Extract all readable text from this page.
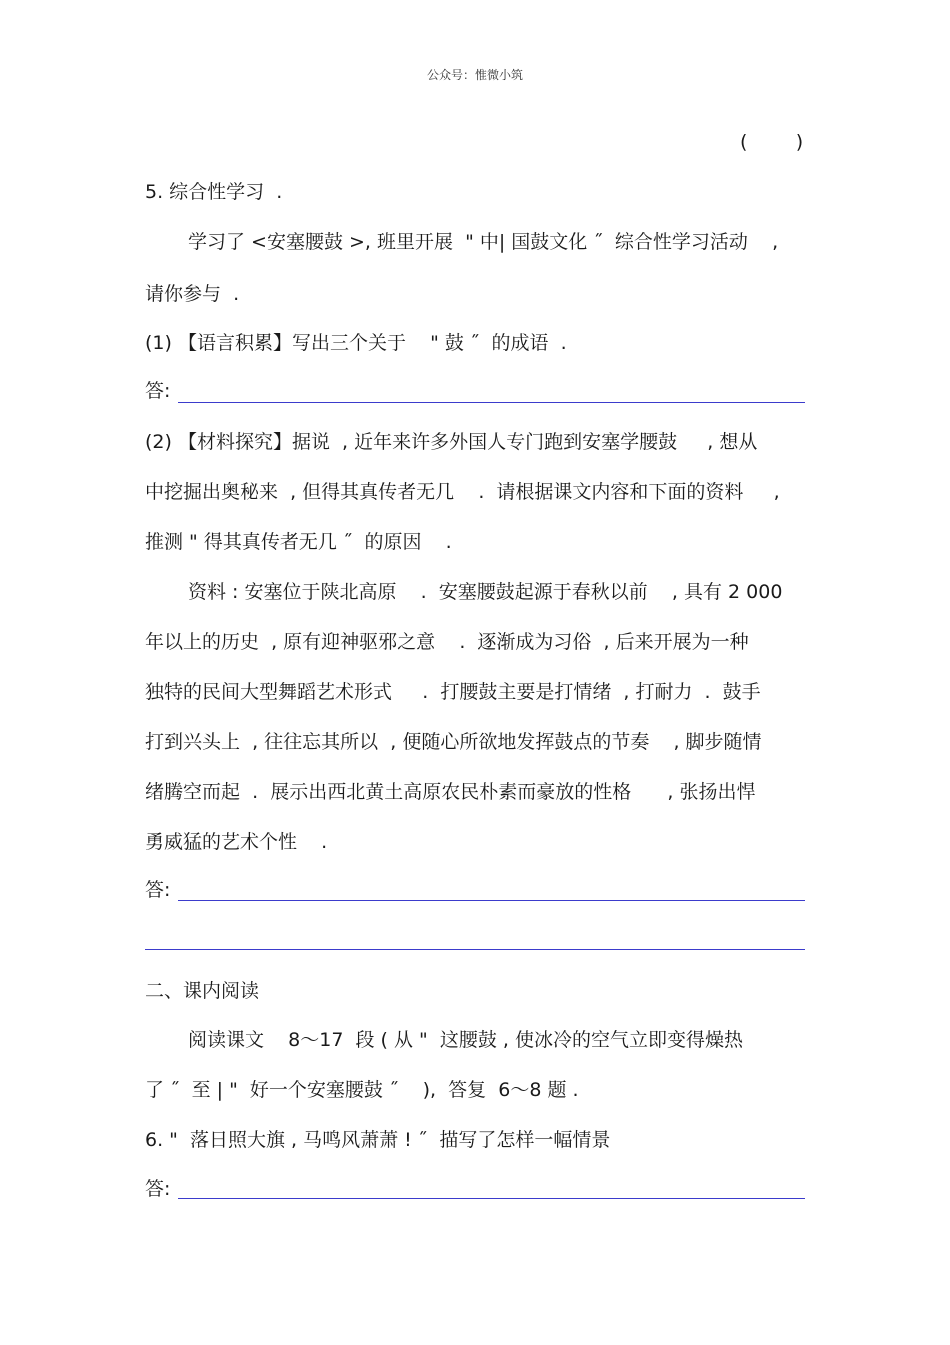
公众号：惟微小筑
(        )
5. 综合性学习  .
学习了 <安塞腰鼓 >, 班里开展  " 中| 国鼓文化 ˝  综合性学习活动    ,
请你参与  .
(1) 【语言积累】写出三个关于    " 鼓 ˝  的成语  .
答:
(2) 【材料探究】据说  , 近年来许多外国人专门跑到安塞学腰鼓     , 想从
中挖掘出奥秘来  , 但得其真传者无几    .  请根据课文内容和下面的资料     ,
推测 " 得其真传者无几 ˝  的原因    .
资料 : 安塞位于陕北高原    .  安塞腰鼓起源于春秋以前    , 具有 2 000
年以上的历史  , 原有迎神驱邪之意    .  逐渐成为习俗  , 后来开展为一种
独特的民间大型舞蹈艺术形式     .  打腰鼓主要是打情绪  , 打耐力  .  鼓手
打到兴头上  , 往往忘其所以  , 便随心所欲地发挥鼓点的节奏    , 脚步随情
绪腾空而起  .  展示出西北黄土高原农民朴素而豪放的性格      , 张扬出悍
勇威猛的艺术个性    .
答:
二、课内阅读
阅读课文    8～17  段 ( 从 "  这腰鼓 , 使冰冷的空气立即变得燥热
了 ˝  至 | "  好一个安塞腰鼓 ˝    ),  答复  6～8 题 .
6. "  落日照大旗 , 马鸣风萧萧 ! ˝  描写了怎样一幅情景
答:
